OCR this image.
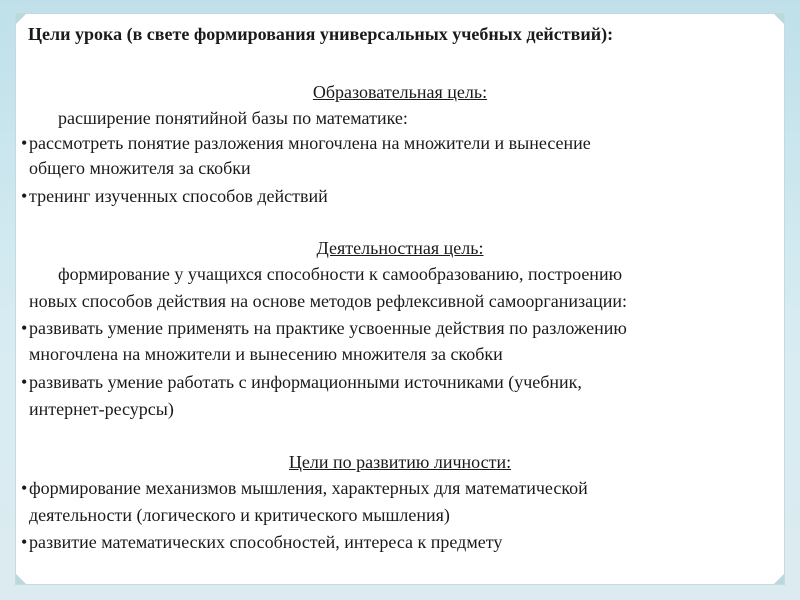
Цели урока (в свете формирования универсальных учебных действий):
Образовательная цель:
расширение понятийной базы по математике:
• рассмотреть понятие разложения многочлена на множители и вынесение
общего множителя за скобки
• тренинг изученных способов действий
Деятельностная цель:
формирование у учащихся способности к самообразованию, построению
новых способов действия на основе методов рефлексивной самоорганизации:
• развивать умение применять на практике усвоенные действия по разложению
многочлена на множители и вынесению множителя за скобки
• развивать умение работать с информационными источниками (учебник,
интернет-ресурсы)
Цели по развитию личности:
• формирование механизмов мышления, характерных для математической
деятельности (логического и критического мышления)
• развитие математических способностей, интереса к предмету
